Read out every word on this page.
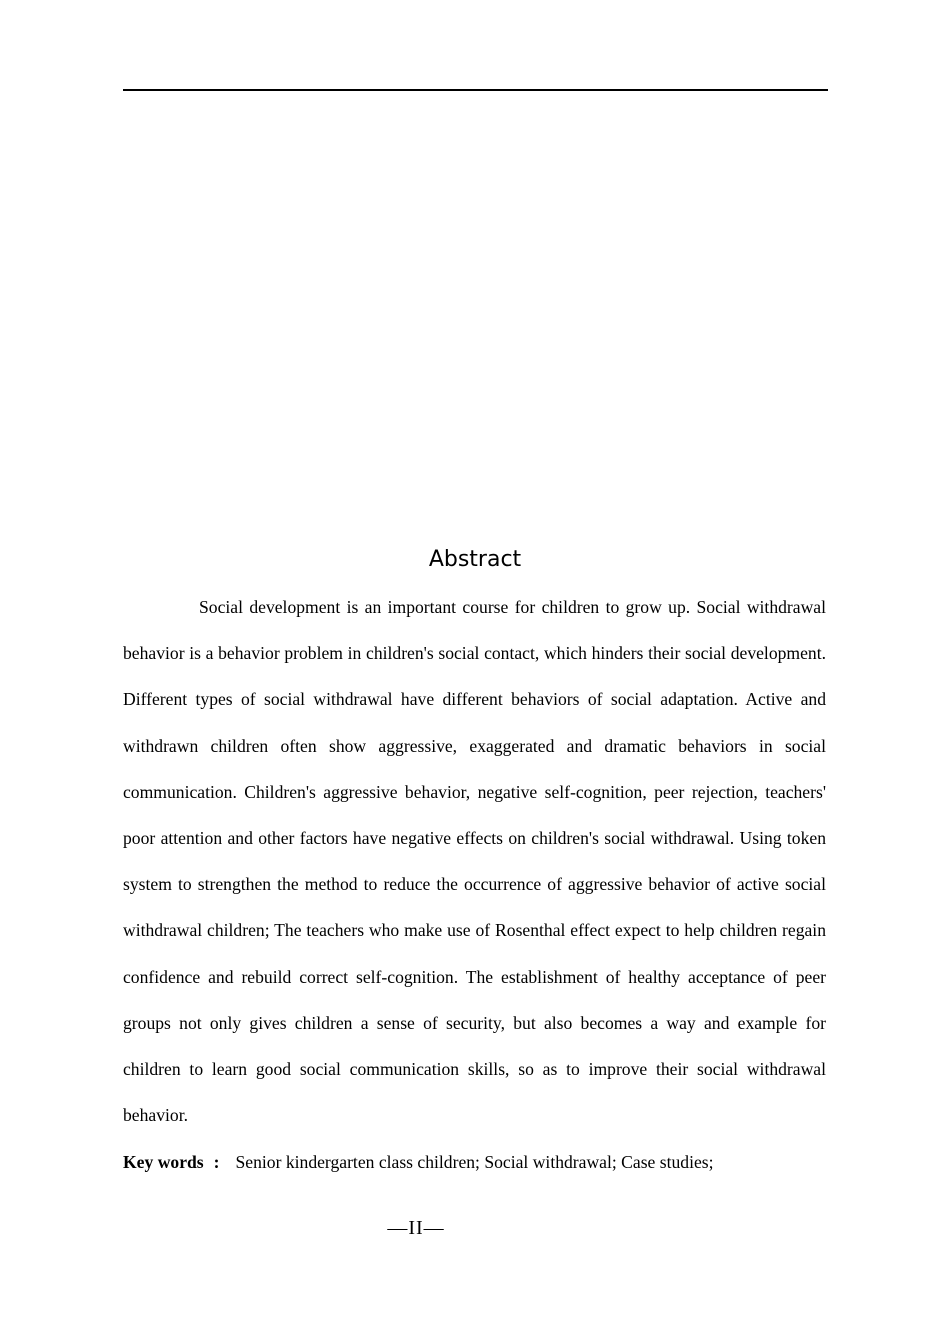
Abstract

Social development is an important course for children to grow up. Social withdrawal behavior is a behavior problem in children's social contact, which hinders their social development. Different types of social withdrawal have different behaviors of social adaptation. Active and withdrawn children often show aggressive, exaggerated and dramatic behaviors in social communication. Children's aggressive behavior, negative self-cognition, peer rejection, teachers' poor attention and other factors have negative effects on children's social withdrawal. Using token system to strengthen the method to reduce the occurrence of aggressive behavior of active social withdrawal children; The teachers who make use of Rosenthal effect expect to help children regain confidence and rebuild correct self-cognition. The establishment of healthy acceptance of peer groups not only gives children a sense of security, but also becomes a way and example for children to learn good social communication skills, so as to improve their social withdrawal behavior.

Key words : Senior kindergarten class children; Social withdrawal; Case studies;

—II—
